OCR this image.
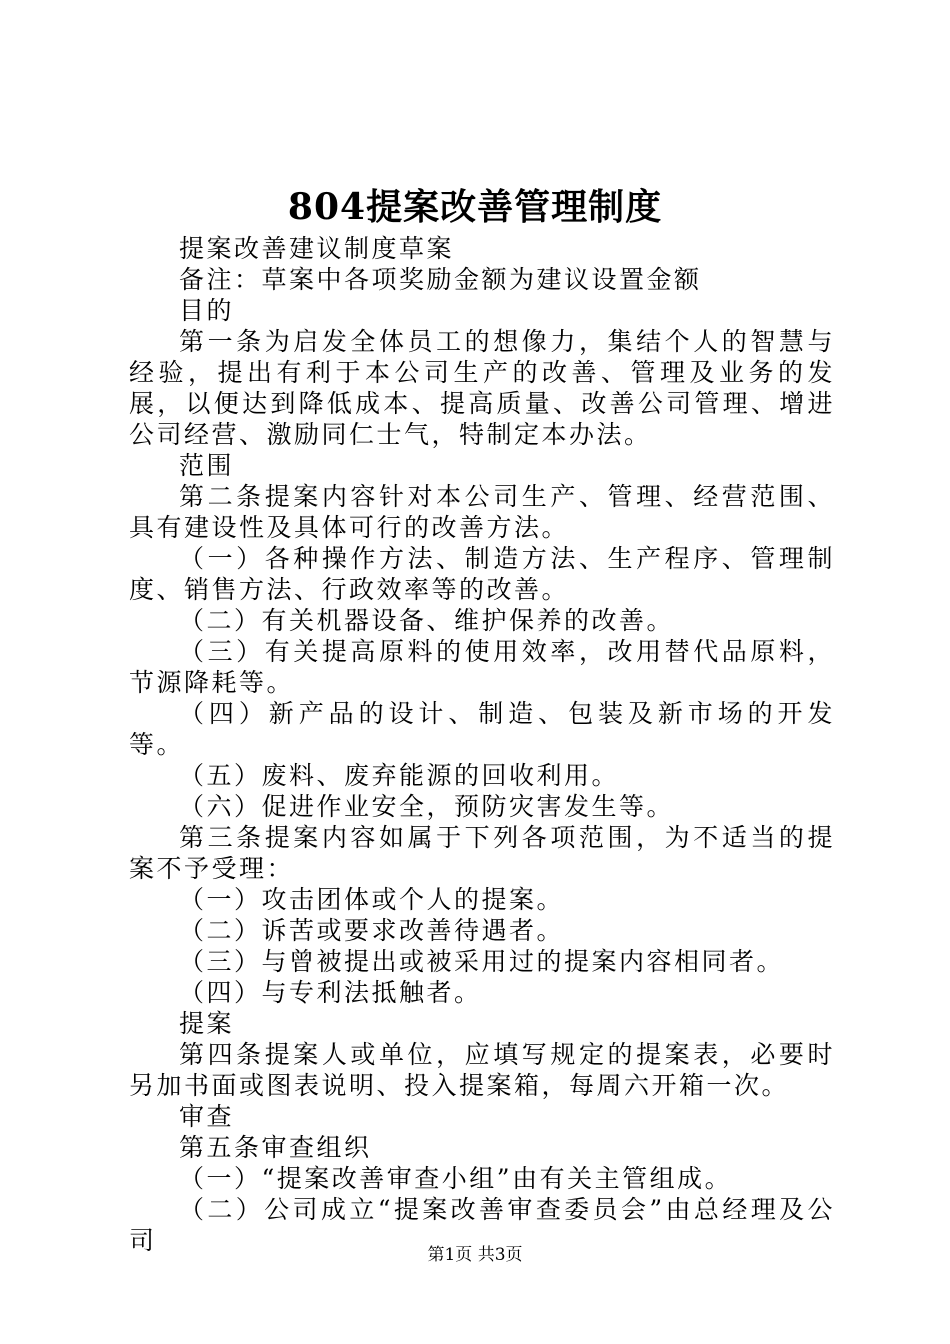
804提案改善管理制度

提案改善建议制度草案

备注：草案中各项奖励金额为建议设置金额

目的

第一条为启发全体员工的想像力，集结个人的智慧与经验，提出有利于本公司生产的改善、管理及业务的发展，以便达到降低成本、提高质量、改善公司管理、增进公司经营、激励同仁士气，特制定本办法。

范围

第二条提案内容针对本公司生产、管理、经营范围、具有建设性及具体可行的改善方法。

（一）各种操作方法、制造方法、生产程序、管理制度、销售方法、行政效率等的改善。

（二）有关机器设备、维护保养的改善。

（三）有关提高原料的使用效率，改用替代品原料，节源降耗等。

（四）新产品的设计、制造、包装及新市场的开发等。

（五）废料、废弃能源的回收利用。

（六）促进作业安全，预防灾害发生等。

第三条提案内容如属于下列各项范围，为不适当的提案不予受理：

（一）攻击团体或个人的提案。

（二）诉苦或要求改善待遇者。

（三）与曾被提出或被采用过的提案内容相同者。

（四）与专利法抵触者。

提案

第四条提案人或单位，应填写规定的提案表，必要时另加书面或图表说明、投入提案箱，每周六开箱一次。

审查

第五条审查组织

（一）“提案改善审查小组”由有关主管组成。

（二）公司成立“提案改善审查委员会”由总经理及公司	第1页 共3页
